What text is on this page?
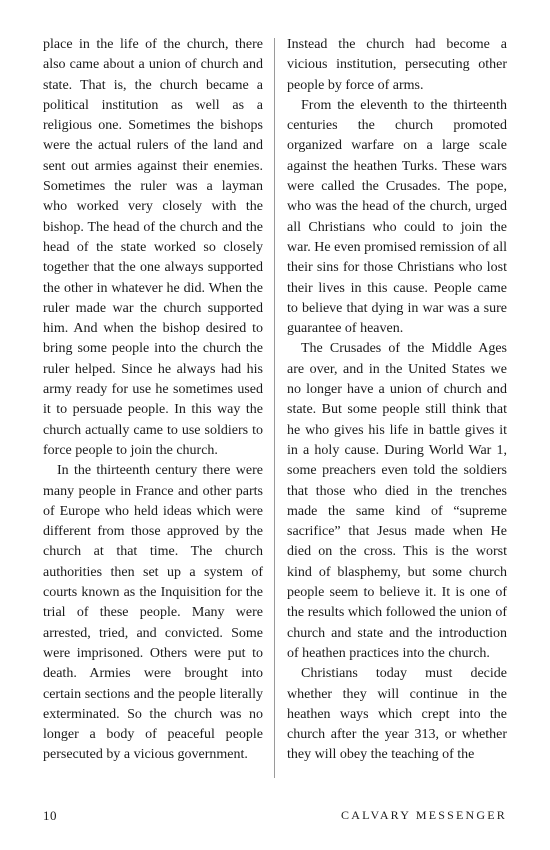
place in the life of the church, there also came about a union of church and state. That is, the church became a political institution as well as a religious one. Sometimes the bishops were the actual rulers of the land and sent out armies against their enemies. Sometimes the ruler was a layman who worked very closely with the bishop. The head of the church and the head of the state worked so closely together that the one always supported the other in whatever he did. When the ruler made war the church supported him. And when the bishop desired to bring some people into the church the ruler helped. Since he always had his army ready for use he sometimes used it to persuade people. In this way the church actually came to use soldiers to force people to join the church.

In the thirteenth century there were many people in France and other parts of Europe who held ideas which were different from those approved by the church at that time. The church authorities then set up a system of courts known as the Inquisition for the trial of these people. Many were arrested, tried, and convicted. Some were imprisoned. Others were put to death. Armies were brought into certain sections and the people literally exterminated. So the church was no longer a body of peaceful people persecuted by a vicious government.

Instead the church had become a vicious institution, persecuting other people by force of arms.

From the eleventh to the thirteenth centuries the church promoted organized warfare on a large scale against the heathen Turks. These wars were called the Crusades. The pope, who was the head of the church, urged all Christians who could to join the war. He even promised remission of all their sins for those Christians who lost their lives in this cause. People came to believe that dying in war was a sure guarantee of heaven.

The Crusades of the Middle Ages are over, and in the United States we no longer have a union of church and state. But some people still think that he who gives his life in battle gives it in a holy cause. During World War 1, some preachers even told the soldiers that those who died in the trenches made the same kind of “supreme sacrifice” that Jesus made when He died on the cross. This is the worst kind of blasphemy, but some church people seem to believe it. It is one of the results which followed the union of church and state and the introduction of heathen practices into the church.

Christians today must decide whether they will continue in the heathen ways which crept into the church after the year 313, or whether they will obey the teaching of the

10	CALVARY MESSENGER
